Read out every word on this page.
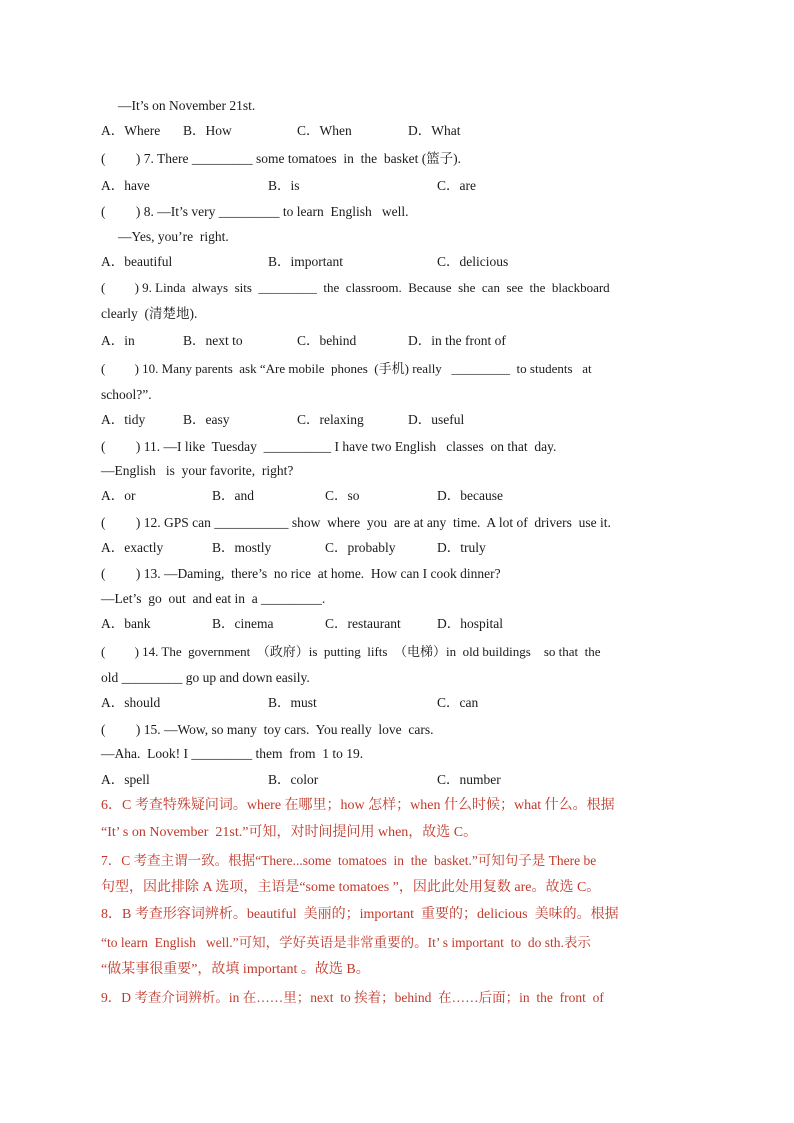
—It’s on November 21st.
A．Where B．How	C．When	D．What
(         ) 7. There _________ some tomatoes  in  the  basket (篮子).
A．have	B．is	C．are
(         ) 8. —It’s very _________ to learn  English   well.
—Yes, you’re  right.
A．beautiful	B．important	C．delicious
(         ) 9. Linda  always  sits  _________  the  classroom.  Because  she  can  see  the  blackboard
clearly  (清楚地).
A．in	B．next to	C．behind	D．in the front of
(         ) 10. Many parents  ask “Are mobile  phones  (手机) really   _________  to students   at
school?”.
A．tidy	B．easy	C．relaxing	D．useful
(         ) 11. —I like  Tuesday  __________ I have two English   classes  on that  day.
—English   is  your favorite,  right?
A．or	B．and	C．so	D．because
(         ) 12. GPS can ___________ show  where  you  are at any  time.  A lot of  drivers  use it.
A．exactly	B．mostly	C．probably	D．truly
(         ) 13. —Daming,  there’s  no rice  at home.  How can I cook dinner?
—Let’s  go  out  and eat in  a _________.
A．bank	B．cinema	C．restaurant	D．hospital
(         ) 14. The  government  （政府）is  putting  lifts  （电梯）in  old buildings    so that  the
old _________ go up and down easily.
A．should	B．must	C．can
(         ) 15. —Wow, so many  toy cars.  You really  love  cars.
—Aha.  Look! I _________ them  from  1 to 19.
A．spell	B．color	C．number
6．C 考查特殊疑问词。where 在哪里；how 怎样；when 什么时候；what 什么。根据
“It’ s on November  21st.”可知，对时间提问用 when，故选 C。
7．C 考查主谓一致。根据“There...some  tomatoes  in  the  basket.”可知句子是 There be
句型，因此排除 A 选项，主语是“some tomatoes ”，因此此处用复数 are。故选 C。
8．B 考查形容词辨析。beautiful  美丽的；important  重要的；delicious  美味的。根据
“to learn  English   well.”可知，学好英语是非常重要的。It’ s important  to  do sth.表示
“做某事很重要”，故填 important 。故选 B。
9．D 考查介词辨析。in 在……里；next  to 挨着；behind  在……后面；in  the  front  of
